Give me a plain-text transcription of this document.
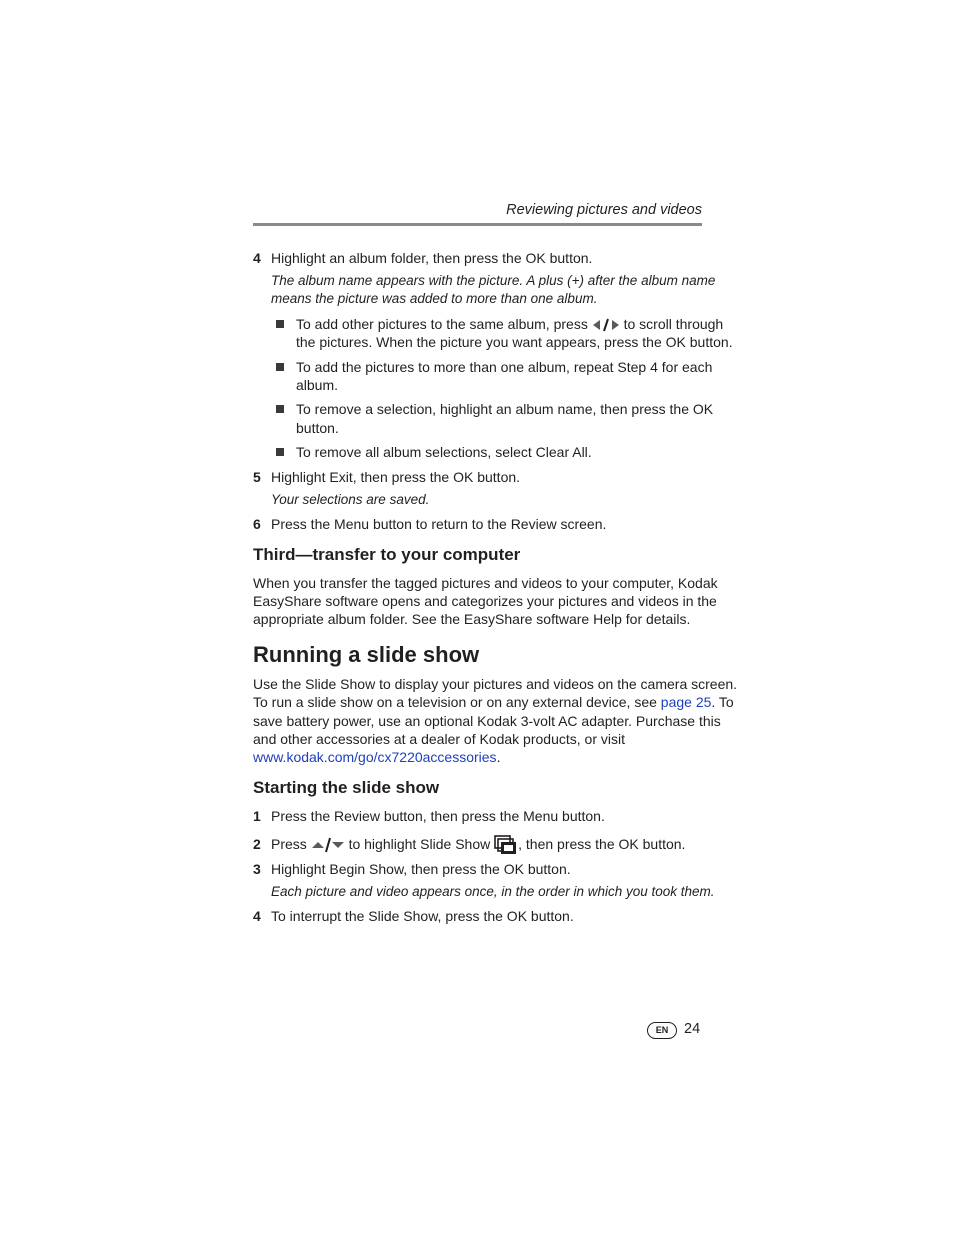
Reviewing pictures and videos
4 Highlight an album folder, then press the OK button.
The album name appears with the picture. A plus (+) after the album name
means the picture was added to more than one album.
To add other pictures to the same album, press	to scroll through
the pictures. When the picture you want appears, press the OK button.
To add the pictures to more than one album, repeat Step 4 for each
album.
To remove a selection, highlight an album name, then press the OK
button.
To remove all album selections, select Clear All.
5 Highlight Exit, then press the OK button.
Your selections are saved.
6 Press the Menu button to return to the Review screen.
Third—transfer to your computer
When you transfer the tagged pictures and videos to your computer, Kodak
EasyShare software opens and categorizes your pictures and videos in the
appropriate album folder. See the EasyShare software Help for details.
Running a slide show
Use the Slide Show to display your pictures and videos on the camera screen.
To run a slide show on a television or on any external device, see page 25. To
save battery power, use an optional Kodak 3-volt AC adapter. Purchase this
and other accessories at a dealer of Kodak products, or visit
www.kodak.com/go/cx7220accessories.
Starting the slide show
1 Press the Review button, then press the Menu button.
2 Press	to highlight Slide Show , then press the OK button.
3 Highlight Begin Show, then press the OK button.
Each picture and video appears once, in the order in which you took them.
4 To interrupt the Slide Show, press the OK button.
EN	24
